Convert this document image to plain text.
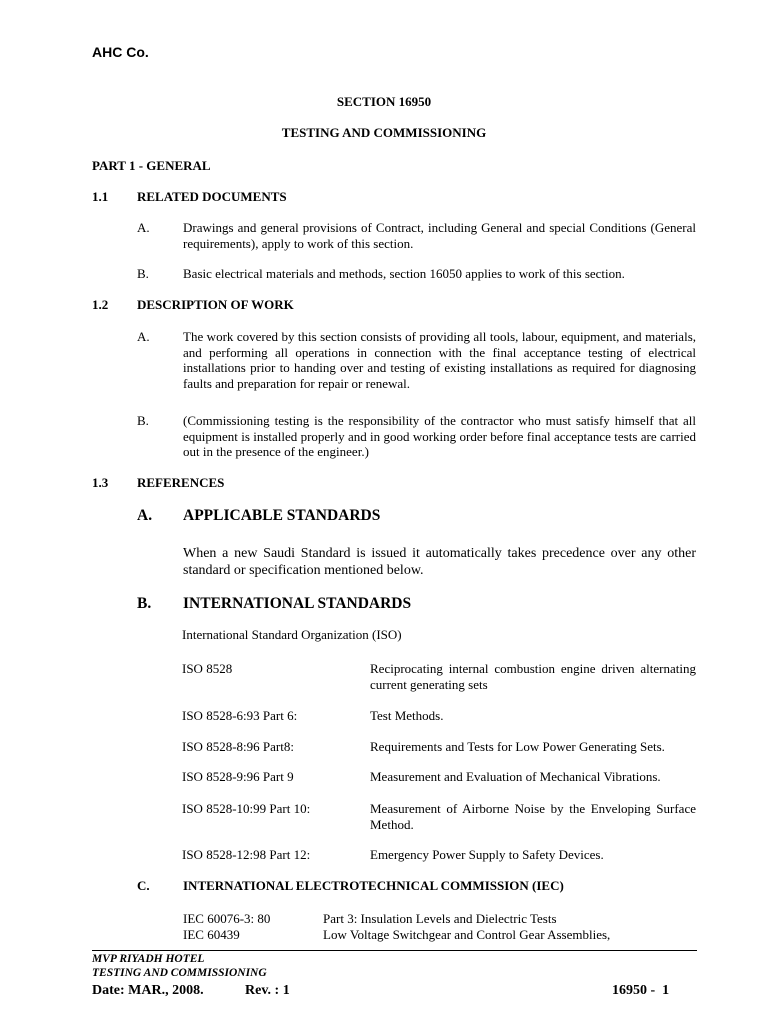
AHC Co.
SECTION 16950
TESTING AND COMMISSIONING
PART 1 - GENERAL
1.1 RELATED DOCUMENTS
A.	Drawings and general provisions of Contract, including General and special Conditions (General requirements), apply to work of this section.
B.	Basic electrical materials and methods, section 16050 applies to work of this section.
1.2 DESCRIPTION OF WORK
A.	The work covered by this section consists of providing all tools, labour, equipment, and materials, and performing all operations in connection with the final acceptance testing of electrical installations prior to handing over and testing of existing installations as required for diagnosing faults and preparation for repair or renewal.
B.	(Commissioning testing is the responsibility of the contractor who must satisfy himself that all equipment is installed properly and in good working order before final acceptance tests are carried out in the presence of the engineer.)
1.3 REFERENCES
A. APPLICABLE STANDARDS
When a new Saudi Standard is issued it automatically takes precedence over any other standard or specification mentioned below.
B. INTERNATIONAL STANDARDS
International Standard Organization (ISO)
ISO 8528	Reciprocating internal combustion engine driven alternating current generating sets
ISO 8528-6:93 Part 6:	Test Methods.
ISO 8528-8:96 Part8:	Requirements and Tests for Low Power Generating Sets.
ISO 8528-9:96 Part 9	Measurement and Evaluation of Mechanical Vibrations.
ISO 8528-10:99 Part 10:	Measurement of Airborne Noise by the Enveloping Surface Method.
ISO 8528-12:98 Part 12:	Emergency Power Supply to Safety Devices.
C.	INTERNATIONAL ELECTROTECHNICAL COMMISSION (IEC)
IEC 60076-3: 80	Part 3: Insulation Levels and Dielectric Tests
IEC 60439	Low Voltage Switchgear and Control Gear Assemblies,
MVP RIYADH HOTEL
TESTING AND COMMISSIONING
Date: MAR., 2008.	Rev. : 1	16950 -  1
